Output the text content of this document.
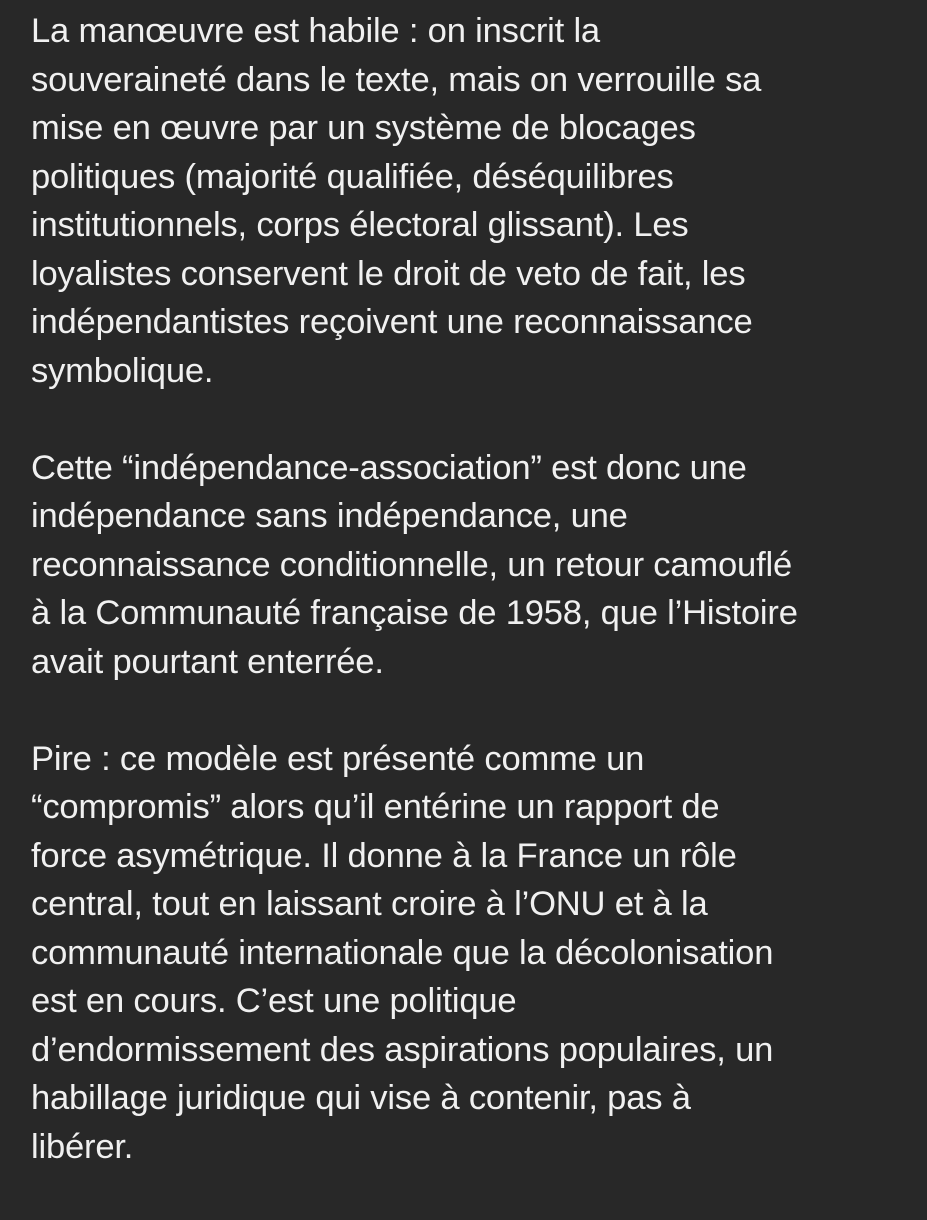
La manœuvre est habile : on inscrit la
souveraineté dans le texte, mais on verrouille sa
mise en œuvre par un système de blocages
politiques (majorité qualifiée, déséquilibres
institutionnels, corps électoral glissant). Les
loyalistes conservent le droit de veto de fait, les
indépendantistes reçoivent une reconnaissance
symbolique.

Cette “indépendance-association” est donc une
indépendance sans indépendance, une
reconnaissance conditionnelle, un retour camouflé
à la Communauté française de 1958, que l’Histoire
avait pourtant enterrée.

Pire : ce modèle est présenté comme un
“compromis” alors qu’il entérine un rapport de
force asymétrique. Il donne à la France un rôle
central, tout en laissant croire à l’ONU et à la
communauté internationale que la décolonisation
est en cours. C’est une politique
d’endormissement des aspirations populaires, un
habillage juridique qui vise à contenir, pas à
libérer.
